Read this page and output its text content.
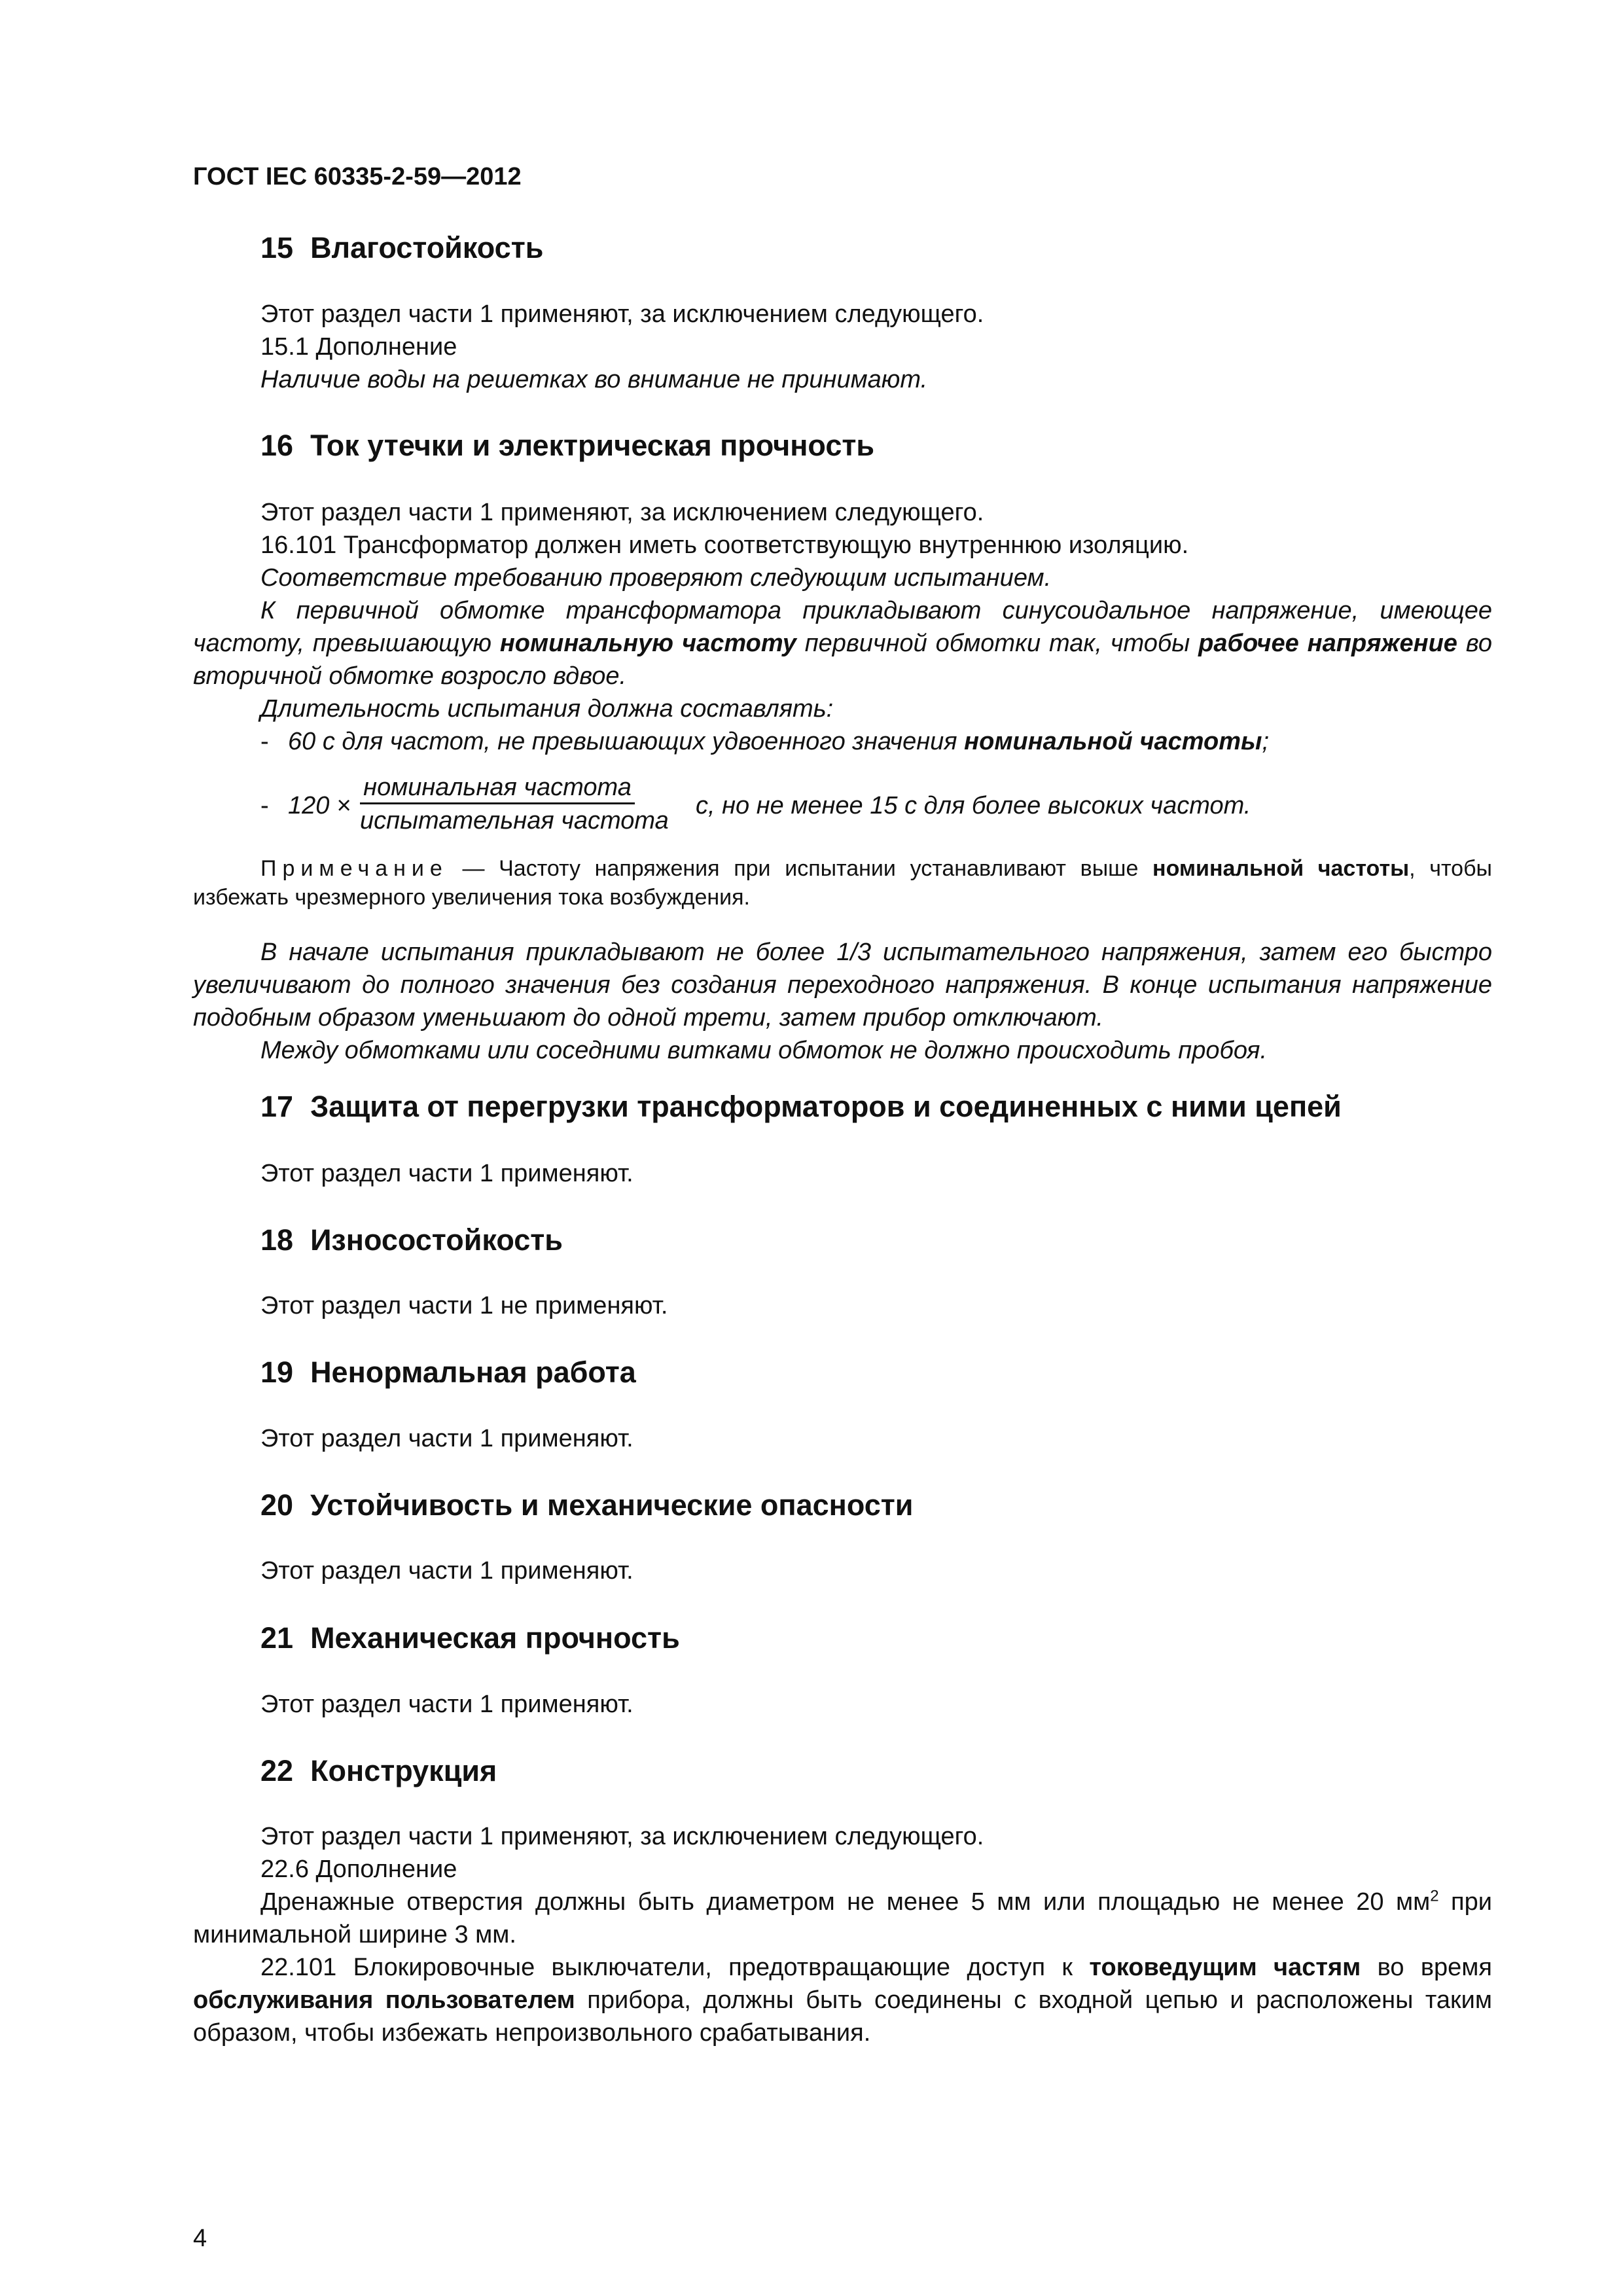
ГОСТ IEC 60335-2-59—2012
15 Влагостойкость

Этот раздел части 1 применяют, за исключением следующего.

15.1 Дополнение

Наличие воды на решетках во внимание не принимают.

16 Ток утечки и электрическая прочность

Этот раздел части 1 применяют, за исключением следующего.

16.101 Трансформатор должен иметь соответствующую внутреннюю изоляцию.

Соответствие требованию проверяют следующим испытанием.

К первичной обмотке трансформатора прикладывают синусоидальное напряжение, имеющее частоту, превышающую номинальную частоту первичной обмотки так, чтобы рабочее напряжение во вторичной обмотке возросло вдвое.

Длительность испытания должна составлять:

- 60 с для частот, не превышающих удвоенного значения номинальной частоты;
- 120 ×
номинальная частота
испытательная частота
с, но не менее 15 с для более высоких частот.

Примечание — Частоту напряжения при испытании устанавливают выше номинальной частоты, чтобы избежать чрезмерного увеличения тока возбуждения.

В начале испытания прикладывают не более 1/3 испытательного напряжения, затем его быстро увеличивают до полного значения без создания переходного напряжения. В конце испытания напряжение подобным образом уменьшают до одной трети, затем прибор отключают.

Между обмотками или соседними витками обмоток не должно происходить пробоя.

17 Защита от перегрузки трансформаторов и соединенных с ними цепей

Этот раздел части 1 применяют.

18 Износостойкость

Этот раздел части 1 не применяют.

19 Ненормальная работа

Этот раздел части 1 применяют.

20 Устойчивость и механические опасности

Этот раздел части 1 применяют.

21 Механическая прочность

Этот раздел части 1 применяют.

22 Конструкция

Этот раздел части 1 применяют, за исключением следующего.

22.6 Дополнение

Дренажные отверстия должны быть диаметром не менее 5 мм или площадью не менее 20 $мм^2$ при минимальной ширине 3 мм.

22.101 Блокировочные выключатели, предотвращающие доступ к токоведущим частям во время обслуживания пользователем прибора, должны быть соединены с входной цепью и расположены таким образом, чтобы избежать непроизвольного срабатывания.

4
